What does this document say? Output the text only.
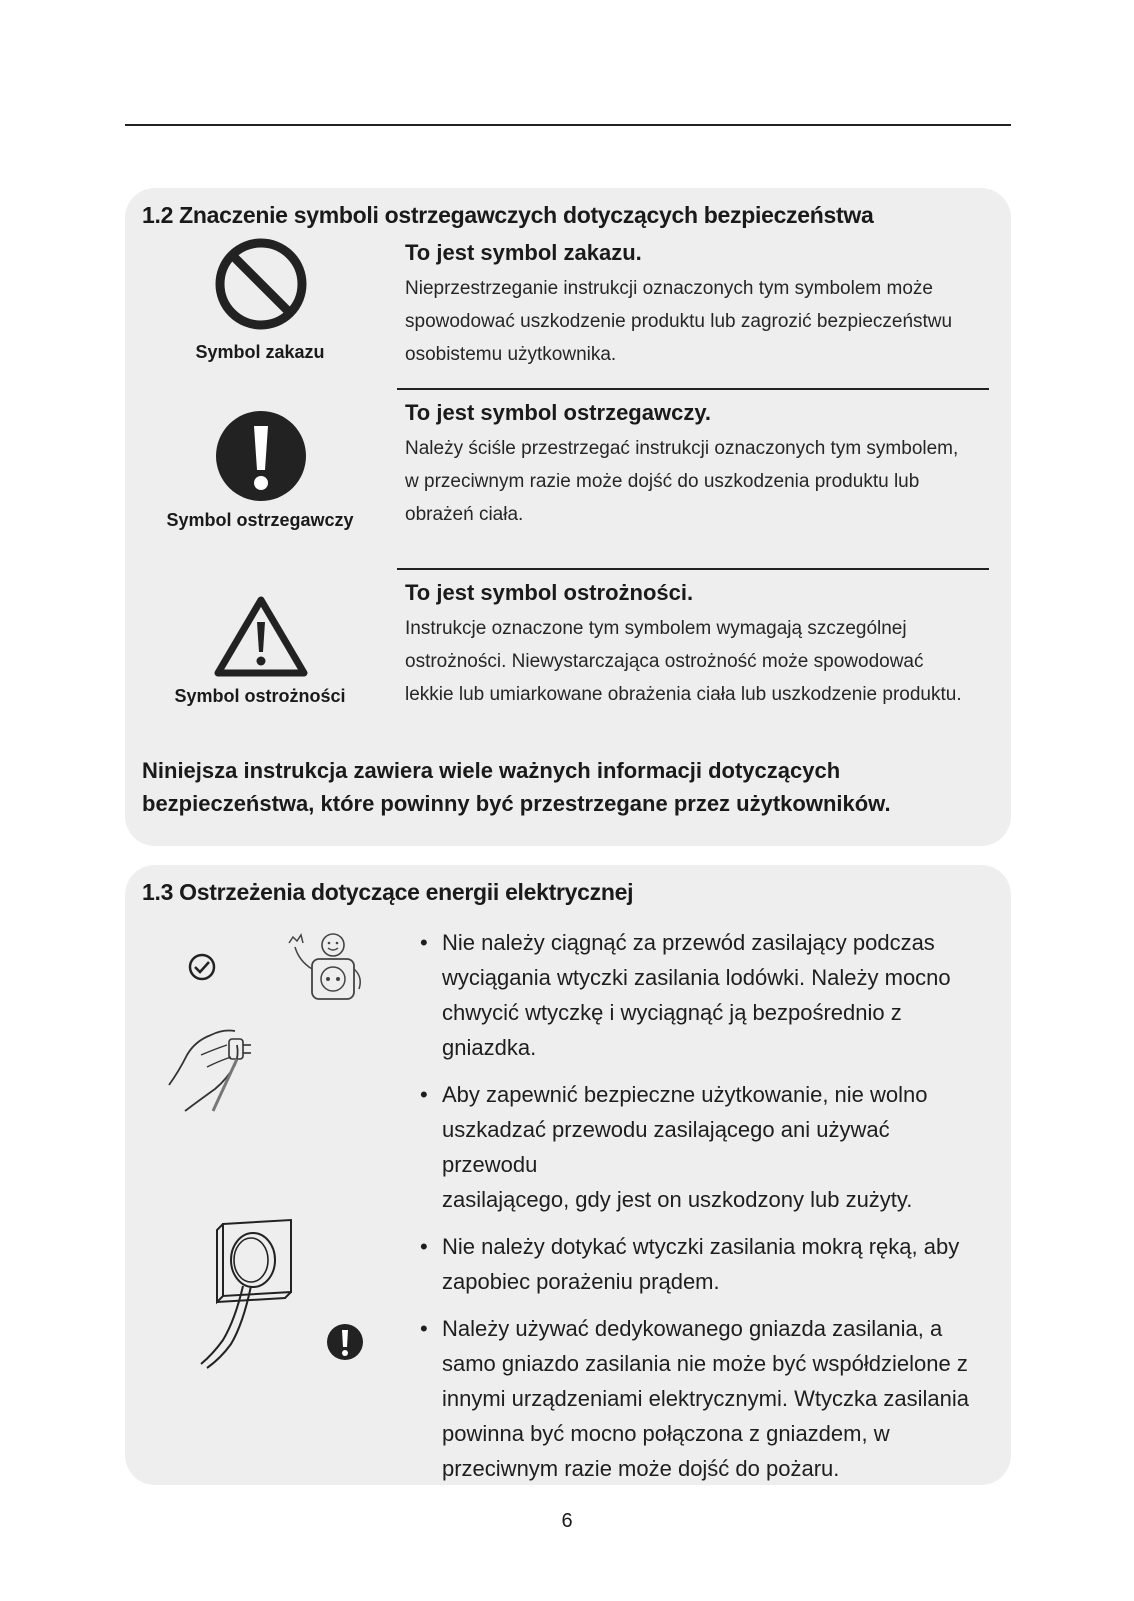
1.2 Znaczenie symboli ostrzegawczych dotyczących bezpieczeństwa
Symbol zakazu
To jest symbol zakazu.
Nieprzestrzeganie instrukcji oznaczonych tym symbolem może
spowodować uszkodzenie produktu lub zagrozić bezpieczeństwu
osobistemu użytkownika.
Symbol ostrzegawczy
To jest symbol ostrzegawczy.
Należy ściśle przestrzegać instrukcji oznaczonych tym symbolem,
w przeciwnym razie może dojść do uszkodzenia produktu lub
obrażeń ciała.
Symbol ostrożności
To jest symbol ostrożności.
Instrukcje oznaczone tym symbolem wymagają szczególnej
ostrożności. Niewystarczająca ostrożność może spowodować
lekkie lub umiarkowane obrażenia ciała lub uszkodzenie produktu.
Niniejsza instrukcja zawiera wiele ważnych informacji dotyczących
bezpieczeństwa, które powinny być przestrzegane przez użytkowników.
1.3 Ostrzeżenia dotyczące energii elektrycznej
• Nie należy ciągnąć za przewód zasilający podczas
wyciągania wtyczki zasilania lodówki. Należy mocno
chwycić wtyczkę i wyciągnąć ją bezpośrednio z
gniazdka.
• Aby zapewnić bezpieczne użytkowanie, nie wolno
uszkadzać przewodu zasilającego ani używać przewodu
zasilającego, gdy jest on uszkodzony lub zużyty.
• Nie należy dotykać wtyczki zasilania mokrą ręką, aby
zapobiec porażeniu prądem.
• Należy używać dedykowanego gniazda zasilania, a
samo gniazdo zasilania nie może być współdzielone z
innymi urządzeniami elektrycznymi. Wtyczka zasilania
powinna być mocno połączona z gniazdem, w
przeciwnym razie może dojść do pożaru.
6
